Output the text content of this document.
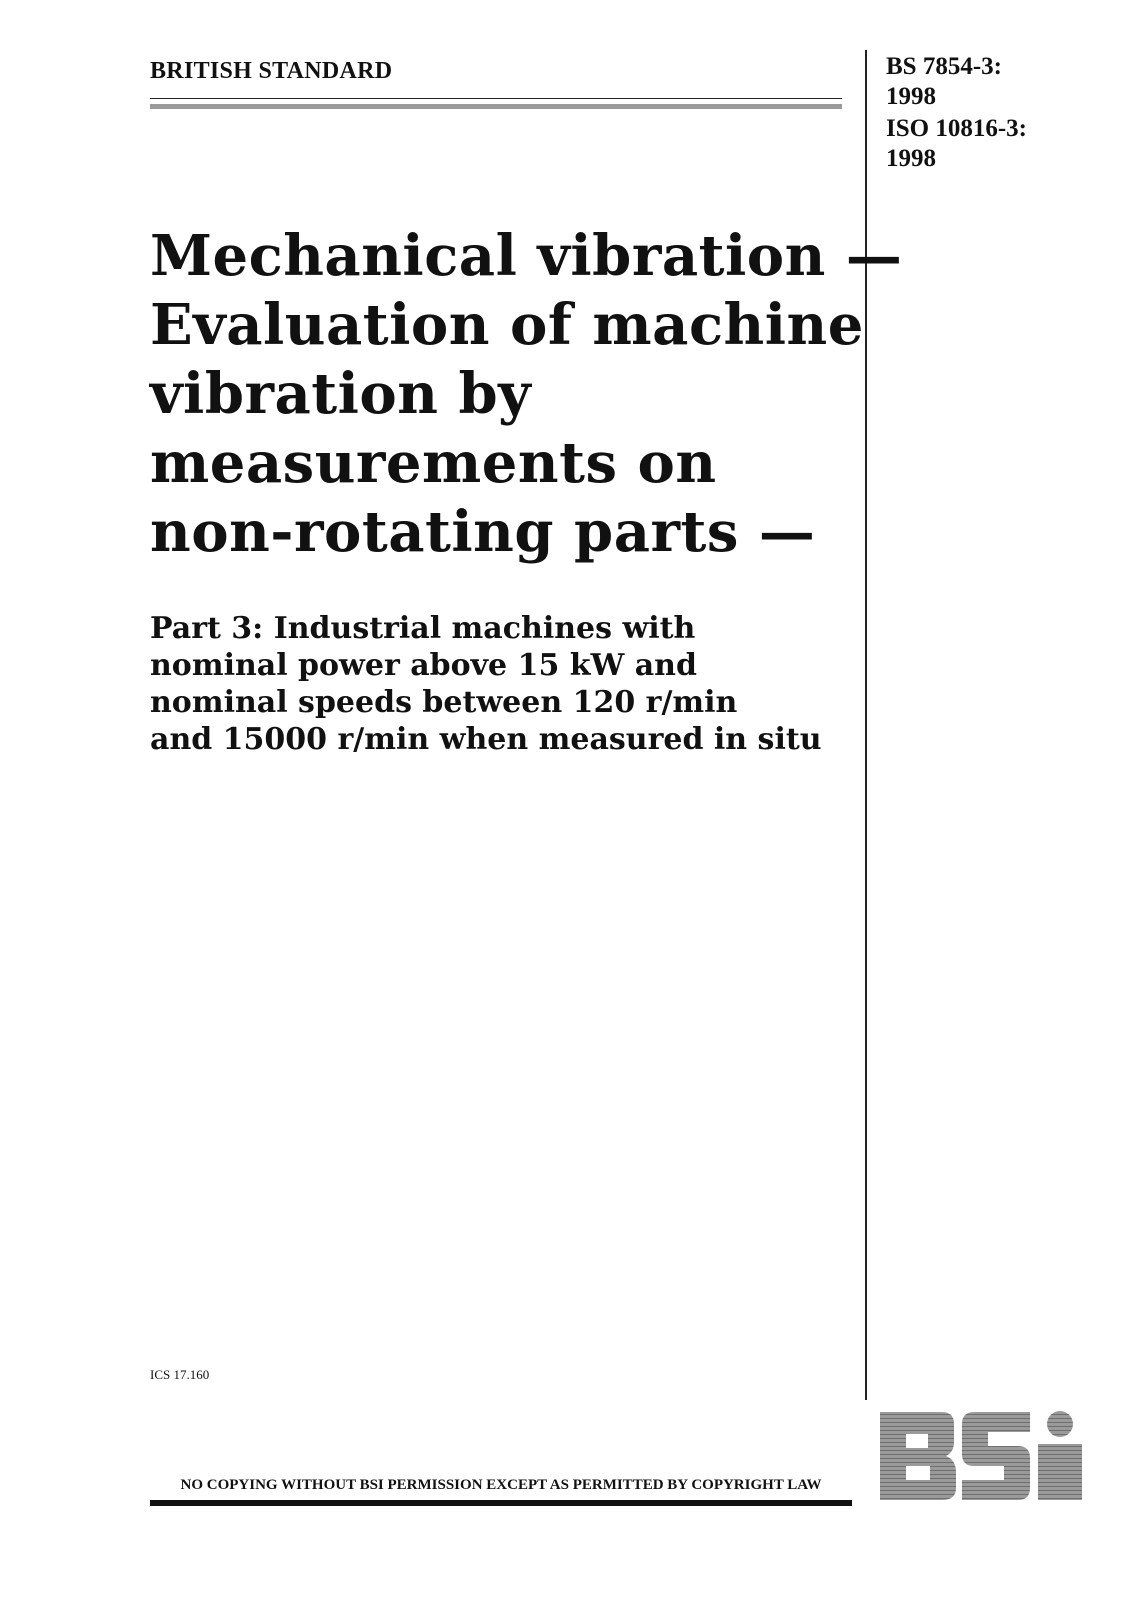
BRITISH STANDARD	BS 7854-3:
1998
ISO 10816-3:
1998
Mechanical vibration —
Evaluation of machine
vibration by
measurements on
non-rotating parts —
Part 3: Industrial machines with
nominal power above 15 kW and
nominal speeds between 120 r/min
and 15000 r/min when measured in situ
ICS 17.160
NO COPYING WITHOUT BSI PERMISSION EXCEPT AS PERMITTED BY COPYRIGHT LAW
